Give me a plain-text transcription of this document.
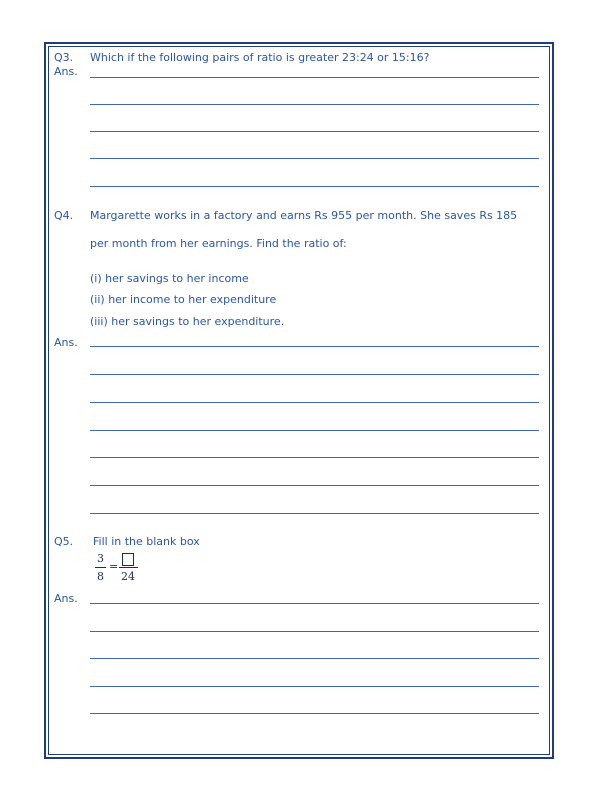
Q3. Which if the following pairs of ratio is greater 23:24 or 15:16?
Ans.
Q4. Margarette works in a factory and earns Rs 955 per month. She saves Rs 185
per month from her earnings. Find the ratio of:
(i) her savings to her income
(ii) her income to her expenditure
(iii) her savings to her expenditure.
Ans.
Q5. Fill in the blank box
3
8
=
24
Ans.
